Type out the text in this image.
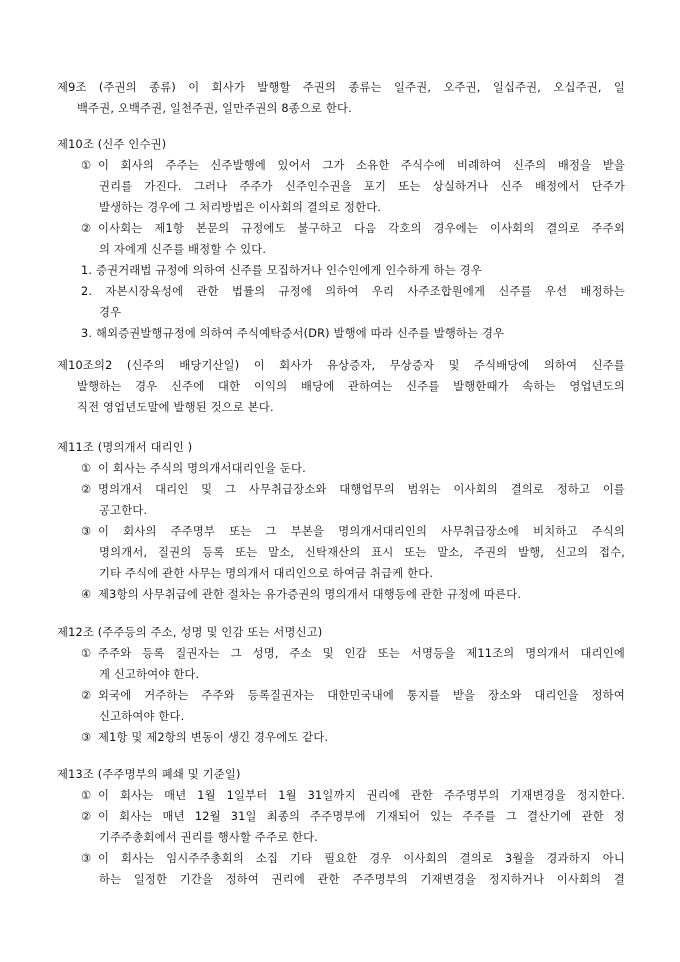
제9조 (주권의 종류) 이 회사가 발행할 주권의 종류는 일주권, 오주권, 일십주권, 오십주권, 일
백주권, 오백주권, 일천주권, 일만주권의 8종으로 한다.
제10조 (신주 인수권)
① 이 회사의 주주는 신주발행에 있어서 그가 소유한 주식수에 비례하여 신주의 배정을 받을
권리를 가진다. 그러나 주주가 신주인수권을 포기 또는 상실하거나 신주 배정에서 단주가
발생하는 경우에 그 처리방법은 이사회의 결의로 정한다.
② 이사회는 제1항 본문의 규정에도 불구하고 다음 각호의 경우에는 이사회의 결의로 주주외
의 자에게 신주를 배정할 수 있다.
1. 증권거래법 규정에 의하여 신주를 모집하거나 인수인에게 인수하게 하는 경우
2. 자본시장육성에 관한 법률의 규정에 의하여 우리 사주조합원에게 신주를 우선 배정하는
경우
3. 해외증권발행규정에 의하여 주식예탁증서(DR) 발행에 따라 신주를 발행하는 경우
제10조의2 (신주의 배당기산일) 이 회사가 유상증자, 무상증자 및 주식배당에 의하여 신주를
발행하는 경우 신주에 대한 이익의 배당에 관하여는 신주를 발행한때가 속하는 영업년도의
직전 영업년도말에 발행된 것으로 본다.
제11조 (명의개서 대리인 )
① 이 회사는 주식의 명의개서대리인을 둔다.
② 명의개서 대리인 및 그 사무취급장소와 대행업무의 범위는 이사회의 결의로 정하고 이를
공고한다.
③ 이 회사의 주주명부 또는 그 부본을 명의개서대리인의 사무취급장소에 비치하고 주식의
명의개서, 질권의 등록 또는 말소, 신탁재산의 표시 또는 말소, 주권의 발행, 신고의 접수,
기타 주식에 관한 사무는 명의개서 대리인으로 하여금 취급케 한다.
④ 제3항의 사무취급에 관한 절차는 유가증권의 명의개서 대행등에 관한 규정에 따른다.
제12조 (주주등의 주소, 성명 및 인감 또는 서명신고)
① 주주와 등록 질권자는 그 성명, 주소 및 인감 또는 서명등을 제11조의 명의개서 대리인에
게 신고하여야 한다.
② 외국에 거주하는 주주와 등록질권자는 대한민국내에 통지를 받을 장소와 대리인을 정하여
신고하여야 한다.
③ 제1항 및 제2항의 변동이 생긴 경우에도 같다.
제13조 (주주명부의 폐쇄 및 기준일)
① 이 회사는 매년 1월 1일부터 1월 31일까지 권리에 관한 주주명부의 기재변경을 정지한다.
② 이 회사는 매년 12월 31일 최종의 주주명부에 기재되어 있는 주주를 그 결산기에 관한 정
기주주총회에서 권리를 행사할 주주로 한다.
③ 이 회사는 임시주주총회의 소집 기타 필요한 경우 이사회의 결의로 3월을 경과하지 아니
하는 일정한 기간을 정하여 권리에 관한 주주명부의 기재변경을 정지하거나 이사회의 결
